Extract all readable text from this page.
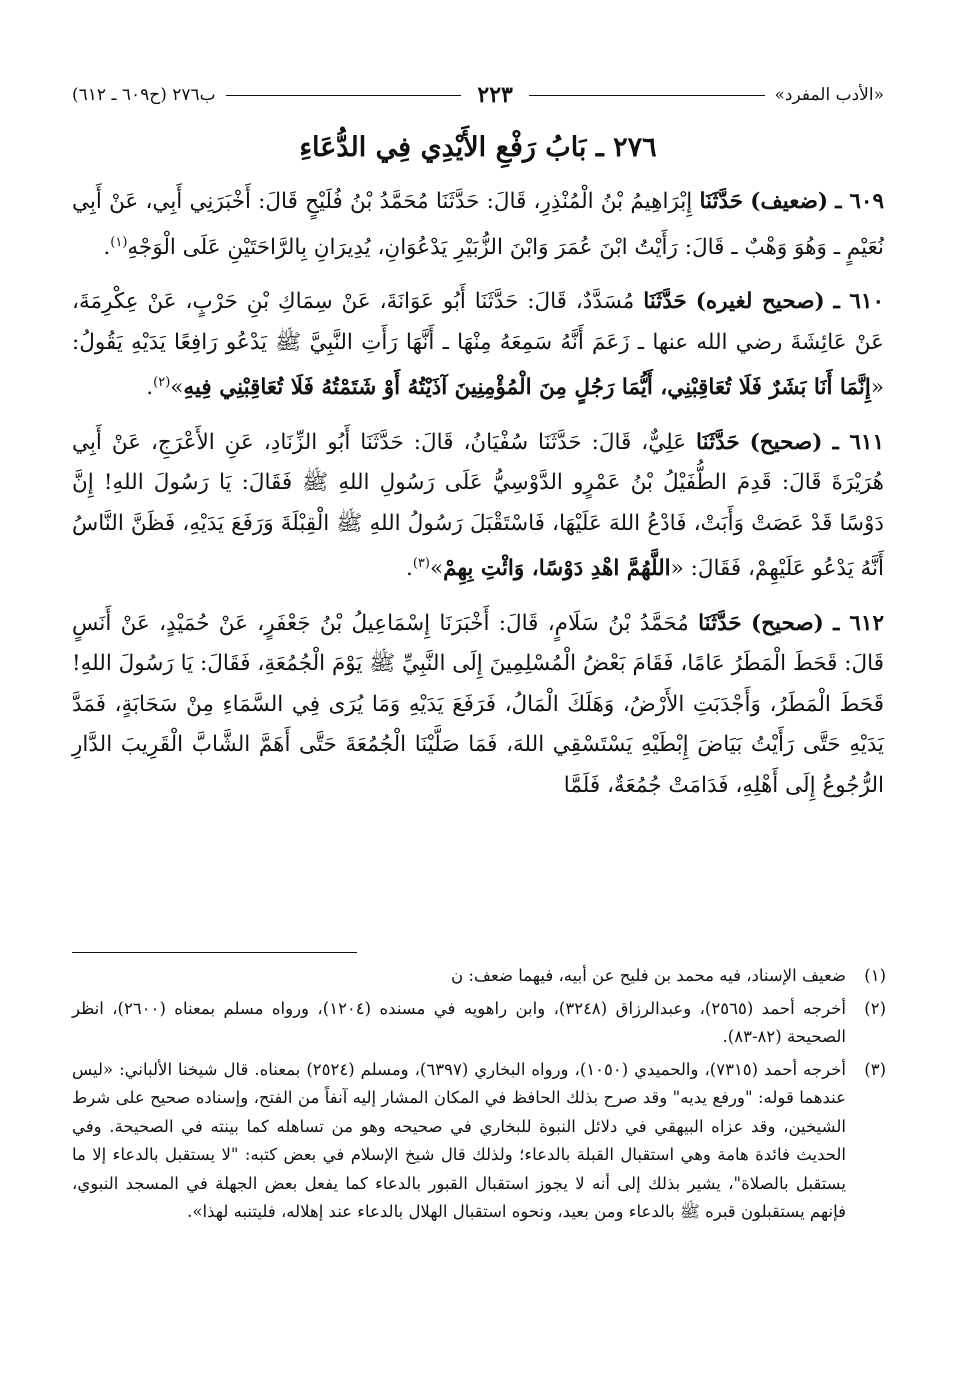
«الأدب المفرد»
٢٢٣
ب٢٧٦ (ح٦٠٩ ـ ٦١٢)
٢٧٦ ـ بَابُ رَفْعِ الأَيْدِي فِي الدُّعَاءِ

٦٠٩ ـ (ضعيف) حَدَّثَنَا إِبْرَاهِيمُ بْنُ الْمُنْذِرِ، قَالَ: حَدَّثَنَا مُحَمَّدُ بْنُ فُلَيْحٍ قَالَ: أَخْبَرَنِي أَبِي، عَنْ أَبِي نُعَيْمٍ ـ وَهُوَ وَهْبٌ ـ قَالَ: رَأَيْتُ ابْنَ عُمَرَ وَابْنَ الزُّبَيْرِ يَدْعُوَانِ، يُدِيرَانِ بِالرَّاحَتَيْنِ عَلَى الْوَجْهِ$^{(١)}$.

٦١٠ ـ (صحيح لغيره) حَدَّثَنَا مُسَدَّدٌ، قَالَ: حَدَّثَنَا أَبُو عَوَانَةَ، عَنْ سِمَاكِ بْنِ حَرْبٍ، عَنْ عِكْرِمَةَ، عَنْ عَائِشَةَ رضي الله عنها ـ زَعَمَ أَنَّهُ سَمِعَهُ مِنْهَا ـ أَنَّهَا رَأَتِ النَّبِيَّ ﷺ يَدْعُو رَافِعًا يَدَيْهِ يَقُولُ: «إِنَّمَا أَنَا بَشَرٌ فَلَا تُعَاقِبْنِي، أَيُّمَا رَجُلٍ مِنَ الْمُؤْمِنِينَ آذَيْتُهُ أَوْ شَتَمْتُهُ فَلَا تُعَاقِبْنِي فِيهِ»$^{(٢)}$.

٦١١ ـ (صحيح) حَدَّثَنَا عَلِيٌّ، قَالَ: حَدَّثَنَا سُفْيَانُ، قَالَ: حَدَّثَنَا أَبُو الزِّنَادِ، عَنِ الأَعْرَجِ، عَنْ أَبِي هُرَيْرَةَ قَالَ: قَدِمَ الطُّفَيْلُ بْنُ عَمْرٍو الدَّوْسِيُّ عَلَى رَسُولِ اللهِ ﷺ فَقَالَ: يَا رَسُولَ اللهِ! إِنَّ دَوْسًا قَدْ عَصَتْ وَأَبَتْ، فَادْعُ اللهَ عَلَيْهَا، فَاسْتَقْبَلَ رَسُولُ اللهِ ﷺ الْقِبْلَةَ وَرَفَعَ يَدَيْهِ، فَظَنَّ النَّاسُ أَنَّهُ يَدْعُو عَلَيْهِمْ، فَقَالَ: «اللَّهُمَّ اهْدِ دَوْسًا، وَائْتِ بِهِمْ»$^{(٣)}$.

٦١٢ ـ (صحيح) حَدَّثَنَا مُحَمَّدُ بْنُ سَلَامٍ، قَالَ: أَخْبَرَنَا إِسْمَاعِيلُ بْنُ جَعْفَرٍ، عَنْ حُمَيْدٍ، عَنْ أَنَسٍ قَالَ: قَحَطَ الْمَطَرُ عَامًا، فَقَامَ بَعْضُ الْمُسْلِمِينَ إِلَى النَّبِيِّ ﷺ يَوْمَ الْجُمُعَةِ، فَقَالَ: يَا رَسُولَ اللهِ! قَحَطَ الْمَطَرُ، وَأَجْدَبَتِ الأَرْضُ، وَهَلَكَ الْمَالُ، فَرَفَعَ يَدَيْهِ وَمَا يُرَى فِي السَّمَاءِ مِنْ سَحَابَةٍ، فَمَدَّ يَدَيْهِ حَتَّى رَأَيْتُ بَيَاضَ إِبْطَيْهِ يَسْتَسْقِي اللهَ، فَمَا صَلَّيْنَا الْجُمُعَةَ حَتَّى أَهَمَّ الشَّابَّ الْقَرِيبَ الدَّارِ الرُّجُوعُ إِلَى أَهْلِهِ، فَدَامَتْ جُمُعَةٌ، فَلَمَّا

(١)
ضعيف الإسناد، فيه محمد بن فليح عن أبيه، فيهما ضعف: ن
(٢)
أخرجه أحمد (٢٥٦٥)، وعبدالرزاق (٣٢٤٨)، وابن راهويه في مسنده (١٢٠٤)، ورواه مسلم بمعناه (٢٦٠٠)، انظر الصحيحة (٨٢-٨٣).
(٣)
أخرجه أحمد (٧٣١٥)، والحميدي (١٠٥٠)، ورواه البخاري (٦٣٩٧)، ومسلم (٢٥٢٤) بمعناه. قال شيخنا الألباني: «ليس عندهما قوله: "ورفع يديه" وقد صرح بذلك الحافظ في المكان المشار إليه آنفاً من الفتح، وإسناده صحيح على شرط الشيخين، وقد عزاه البيهقي في دلائل النبوة للبخاري في صحيحه وهو من تساهله كما بينته في الصحيحة. وفي الحديث فائدة هامة وهي استقبال القبلة بالدعاء؛ ولذلك قال شيخ الإسلام في بعض كتبه: "لا يستقبل بالدعاء إلا ما يستقبل بالصلاة"، يشير بذلك إلى أنه لا يجوز استقبال القبور بالدعاء كما يفعل بعض الجهلة في المسجد النبوي، فإنهم يستقبلون قبره ﷺ بالدعاء ومن بعيد، ونحوه استقبال الهلال بالدعاء عند إهلاله، فليتنبه لهذا».
